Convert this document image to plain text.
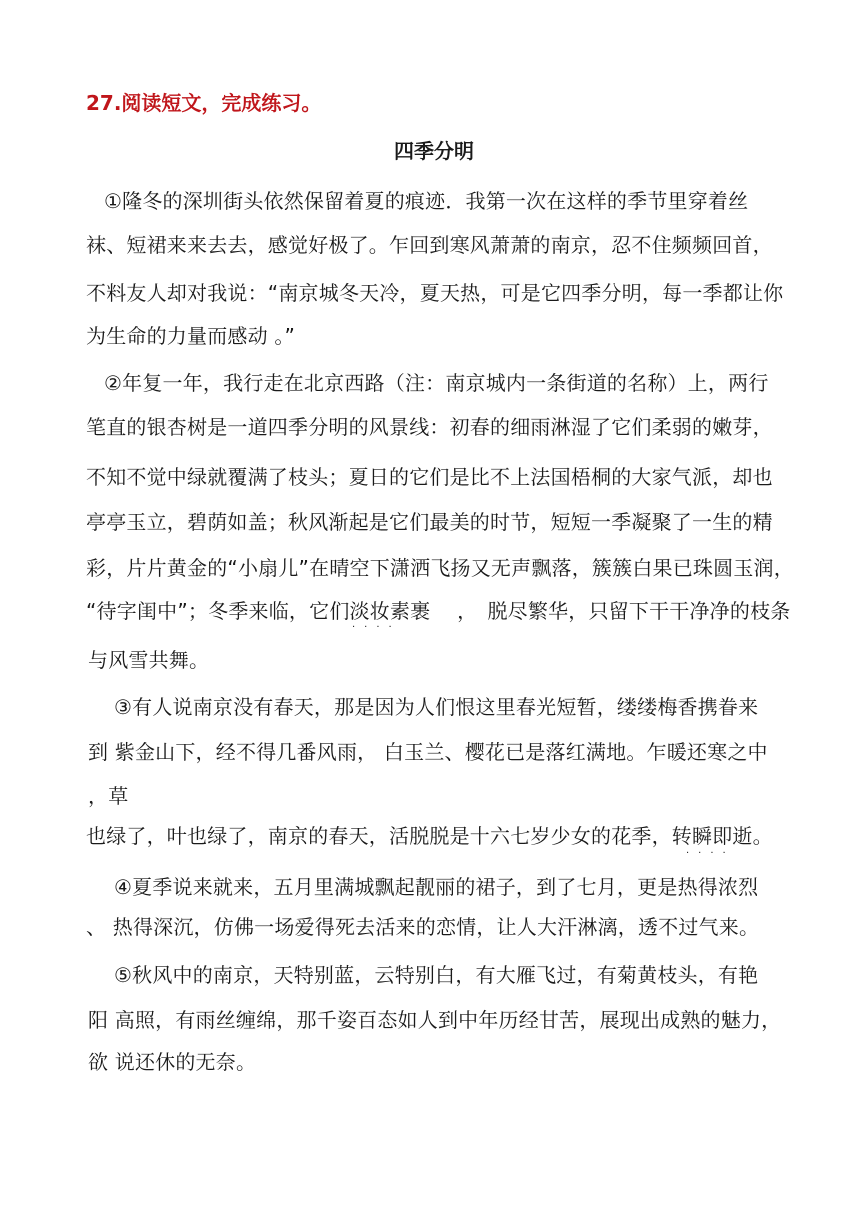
27.阅读短文，完成练习。
四季分明
①隆冬的深圳街头依然保留着夏的痕迹．我第一次在这样的季节里穿着丝
袜、短裙来来去去，感觉好极了。乍回到寒风萧萧的南京，忍不住频频回首，
不料友人却对我说：“南京城冬天冷，夏天热，可是它四季分明，每一季都让你
为生命的力量而感动 。”
②年复一年，我行走在北京西路（注：南京城内一条街道的名称）上，两行
笔直的银杏树是一道四季分明的风景线：初春的细雨淋湿了它们柔弱的嫩芽，
不知不觉中绿就覆满了枝头；夏日的它们是比不上法国梧桐的大家气派，却也
亭亭玉立，碧荫如盖；秋风渐起是它们最美的时节，短短一季凝聚了一生的精
彩，片片黄金的“小扇儿”在晴空下潇洒飞扬又无声飘落，簇簇白果已珠圆玉润，
“待字闺中”；冬季来临，它们淡妆素裹 　，　脱尽繁华，只留下干干净净的枝条
····
与风雪共舞。
③有人说南京没有春天，那是因为人们恨这里春光短暂，缕缕梅香携眷来
到 紫金山下，经不得几番风雨， 白玉兰、樱花已是落红满地。乍暖还寒之中
，草
也绿了，叶也绿了，南京的春天，活脱脱是十六七岁少女的花季，转瞬即逝。
····
④夏季说来就来，五月里满城飘起靓丽的裙子，到了七月，更是热得浓烈
、 热得深沉，仿佛一场爱得死去活来的恋情，让人大汗淋漓，透不过气来。
⑤秋风中的南京，天特别蓝，云特别白，有大雁飞过，有菊黄枝头，有艳
阳 高照，有雨丝缠绵，那千姿百态如人到中年历经甘苦，展现出成熟的魅力，
欲 说还休的无奈。
